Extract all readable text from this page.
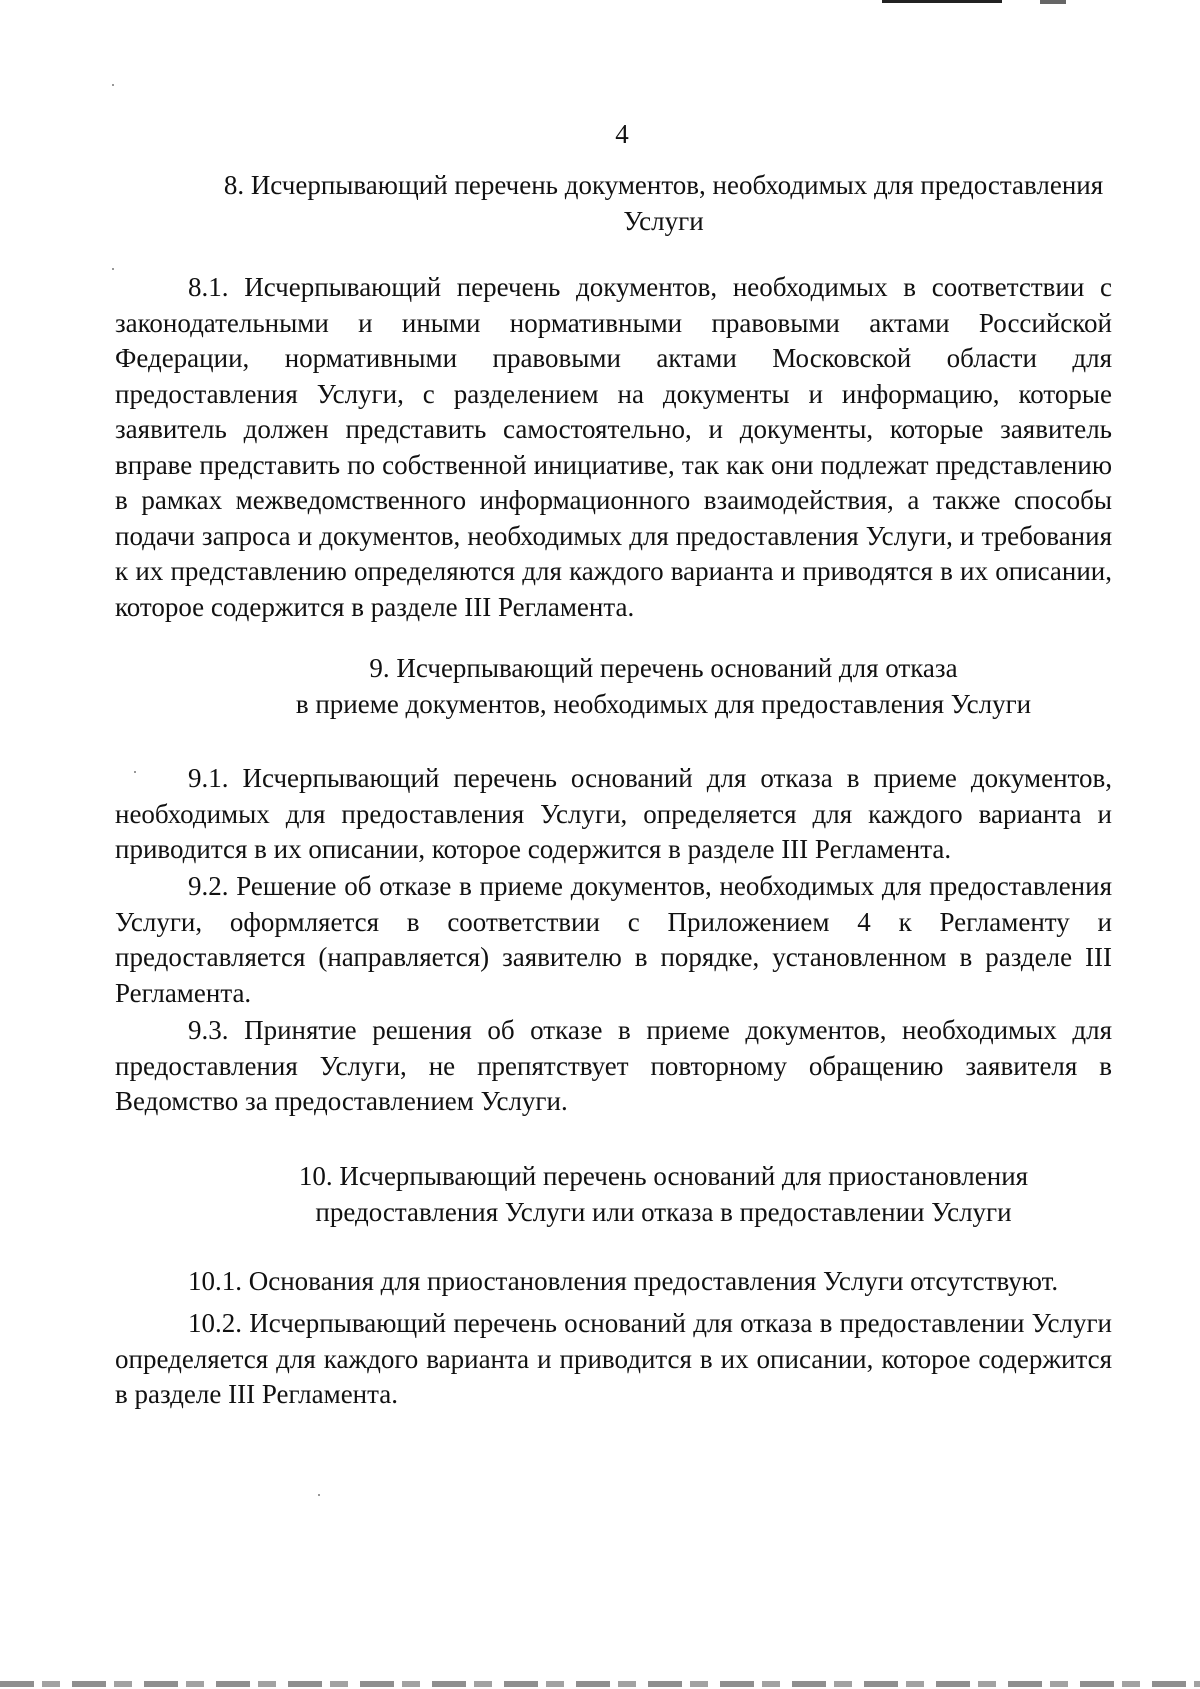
4
8. Исчерпывающий перечень документов, необходимых для предоставления
Услуги

8.1. Исчерпывающий перечень документов, необходимых в соответствии с законодательными и иными нормативными правовыми актами Российской Федерации, нормативными правовыми актами Московской области для предоставления Услуги, с разделением на документы и информацию, которые заявитель должен представить самостоятельно, и документы, которые заявитель вправе представить по собственной инициативе, так как они подлежат представлению в рамках межведомственного информационного взаимодействия, а также способы подачи запроса и документов, необходимых для предоставления Услуги, и требования к их представлению определяются для каждого варианта и приводятся в их описании, которое содержится в разделе III Регламента.

9. Исчерпывающий перечень оснований для отказа
в приеме документов, необходимых для предоставления Услуги

9.1. Исчерпывающий перечень оснований для отказа в приеме документов, необходимых для предоставления Услуги, определяется для каждого варианта и приводится в их описании, которое содержится в разделе III Регламента.

9.2. Решение об отказе в приеме документов, необходимых для предоставления Услуги, оформляется в соответствии с Приложением 4 к Регламенту и предоставляется (направляется) заявителю в порядке, установленном в разделе III Регламента.

9.3. Принятие решения об отказе в приеме документов, необходимых для предоставления Услуги, не препятствует повторному обращению заявителя в Ведомство за предоставлением Услуги.

10. Исчерпывающий перечень оснований для приостановления
предоставления Услуги или отказа в предоставлении Услуги

10.1. Основания для приостановления предоставления Услуги отсутствуют.

10.2. Исчерпывающий перечень оснований для отказа в предоставлении Услуги определяется для каждого варианта и приводится в их описании, которое содержится в разделе III Регламента.
